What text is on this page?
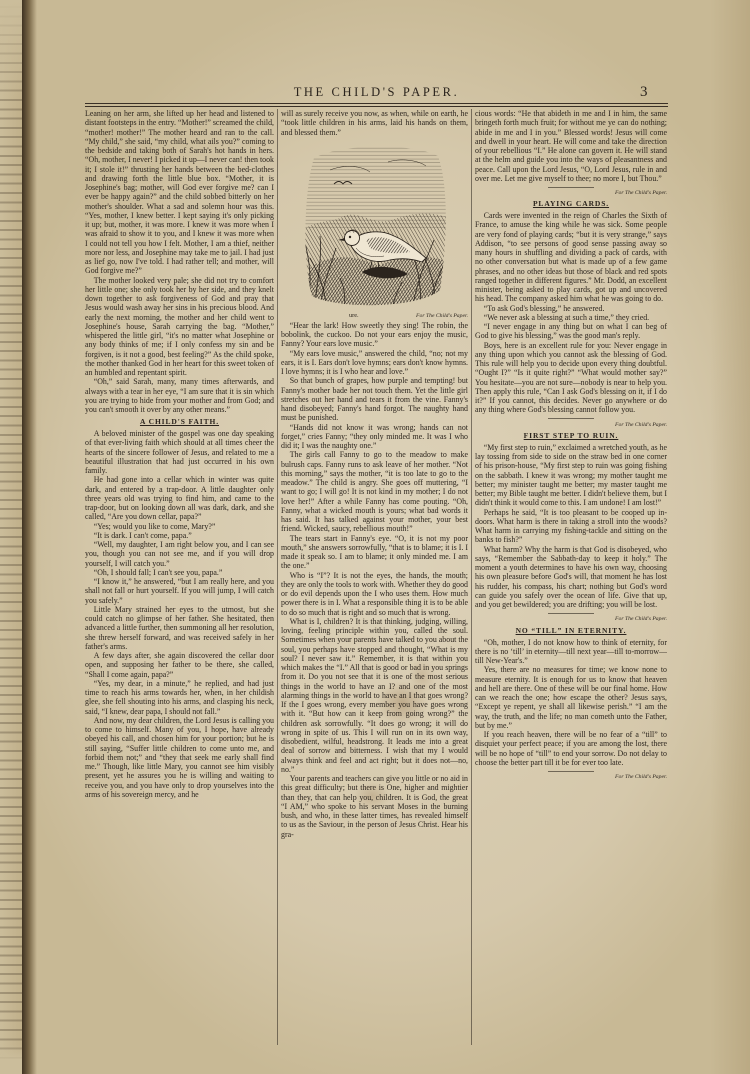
THE CHILD'S PAPER.	3

Leaning on her arm, she lifted up her head and listened to distant footsteps in the entry. “Mother!” screamed the child, “mother! mother!” The mother heard and ran to the call. “My child,” she said, “my child, what ails you?” coming to the bedside and taking both of Sarah's hot hands in hers. “Oh, mother, I never! I picked it up—I never can! then took it; I stole it!” thrusting her hands between the bed-clothes and drawing forth the little blue box. “Mother, it is Josephine's bag; mother, will God ever forgive me? can I ever be happy again?” and the child sobbed bitterly on her mother's shoulder. What a sad and solemn hour was this. “Yes, mother, I knew better. I kept saying it's only picking it up; but, mother, it was more. I knew it was more when I was afraid to show it to you, and I knew it was more when I could not tell you how I felt. Mother, I am a thief, neither more nor less, and Josephine may take me to jail. I had just as lief go, now I've told. I had rather tell; and mother, will God forgive me?”

The mother looked very pale; she did not try to comfort her little one; she only took her by her side, and they knelt down together to ask forgiveness of God and pray that Jesus would wash away her sins in his precious blood. And early the next morning, the mother and her child went to Josephine's house, Sarah carrying the bag. “Mother,” whispered the little girl, “it's no matter what Josephine or any body thinks of me; if I only confess my sin and be forgiven, is it not a good, best feeling?” As the child spoke, the mother thanked God in her heart for this sweet token of an humbled and repentant spirit.

“Oh,” said Sarah, many, many times afterwards, and always with a tear in her eye, “I am sure that it is sin which you are trying to hide from your mother and from God; and you can't smooth it over by any other means.”

A CHILD'S FAITH.

A beloved minister of the gospel was one day speaking of that ever-living faith which should at all times cheer the hearts of the sincere follower of Jesus, and related to me a beautiful illustration that had just occurred in his own family.

He had gone into a cellar which in winter was quite dark, and entered by a trap-door. A little daughter only three years old was trying to find him, and came to the trap-door, but on looking down all was dark, dark, and she called, “Are you down cellar, papa?”

“Yes; would you like to come, Mary?”

“It is dark. I can't come, papa.”

“Well, my daughter, I am right below you, and I can see you, though you can not see me, and if you will drop yourself, I will catch you.”

“Oh, I should fall; I can't see you, papa.”

“I know it,” he answered, “but I am really here, and you shall not fall or hurt yourself. If you will jump, I will catch you safely.”

Little Mary strained her eyes to the utmost, but she could catch no glimpse of her father. She hesitated, then advanced a little further, then summoning all her resolution, she threw herself forward, and was received safely in her father's arms.

A few days after, she again discovered the cellar door open, and supposing her father to be there, she called, “Shall I come again, papa?”

“Yes, my dear, in a minute,” he replied, and had just time to reach his arms towards her, when, in her childish glee, she fell shouting into his arms, and clasping his neck, said, “I knew, dear papa, I should not fall.”

And now, my dear children, the Lord Jesus is calling you to come to himself. Many of you, I hope, have already obeyed his call, and chosen him for your portion; but he is still saying, “Suffer little children to come unto me, and forbid them not;” and “they that seek me early shall find me.” Though, like little Mary, you cannot see him visibly present, yet he assures you he is willing and waiting to receive you, and you have only to drop yourselves into the arms of his sovereign mercy, and he

will as surely receive you now, as when, while on earth, he “took little children in his arms, laid his hands on them, and blessed them.”

ure.	For The Child's Paper.

“Hear the lark! How sweetly they sing! The robin, the bobolink, the cuckoo. Do not your ears enjoy the music, Fanny? Your ears love music.”

“My ears love music,” answered the child, “no; not my ears, it is I. Ears don't love hymns; ears don't know hymns. I love hymns; it is I who hear and love.”

So that bunch of grapes, how purple and tempting! but Fanny's mother bade her not touch them. Yet the little girl stretches out her hand and tears it from the vine. Fanny's hand disobeyed; Fanny's hand forgot. The naughty hand must be punished.

“Hands did not know it was wrong; hands can not forget,” cries Fanny; “they only minded me. It was I who did it; I was the naughty one.”

The girls call Fanny to go to the meadow to make bulrush caps. Fanny runs to ask leave of her mother. “Not this morning,” says the mother, “it is too late to go to the meadow.” The child is angry. She goes off muttering, “I want to go; I will go! It is not kind in my mother; I do not love her!” After a while Fanny has come pouting. “Oh, Fanny, what a wicked mouth is yours; what bad words it has said. It has talked against your mother, your best friend. Wicked, saucy, rebellious mouth!”

The tears start in Fanny's eye. “O, it is not my poor mouth,” she answers sorrowfully, “that is to blame; it is I. I made it speak so. I am to blame; it only minded me. I am the one.”

Who is “I”? It is not the eyes, the hands, the mouth; they are only the tools to work with. Whether they do good or do evil depends upon the I who uses them. How much power there is in I. What a responsible thing it is to be able to do so much that is right and so much that is wrong.

What is I, children? It is that thinking, judging, willing, loving, feeling principle within you, called the soul. Sometimes when your parents have talked to you about the soul, you perhaps have stopped and thought, “What is my soul? I never saw it.” Remember, it is that within you which makes the “I.” All that is good or bad in you springs from it. Do you not see that it is one of the most serious things in the world to have an I? and one of the most alarming things in the world to have an I that goes wrong? If the I goes wrong, every member you have goes wrong with it. “But how can it keep from going wrong?” the children ask sorrowfully. “It does go wrong; it will do wrong in spite of us. This I will run on in its own way, disobedient, wilful, headstrong. It leads me into a great deal of sorrow and bitterness. I wish that my I would always think and feel and act right; but it does not—no, no.”

Your parents and teachers can give you little or no aid in this great difficulty; but there is One, higher and mightier than they, that can help you, children. It is God, the great “I AM,” who spoke to his servant Moses in the burning bush, and who, in these latter times, has revealed himself to us as the Saviour, in the person of Jesus Christ. Hear his gra-

cious words: “He that abideth in me and I in him, the same bringeth forth much fruit; for without me ye can do nothing; abide in me and I in you.” Blessed words! Jesus will come and dwell in your heart. He will come and take the direction of your rebellious “I.” He alone can govern it. He will stand at the helm and guide you into the ways of pleasantness and peace. Call upon the Lord Jesus, “O, Lord Jesus, rule in and over me. Let me give myself to thee; no more I, but Thou.”

For The Child's Paper.
PLAYING CARDS.

Cards were invented in the reign of Charles the Sixth of France, to amuse the king while he was sick. Some people are very fond of playing cards; “but it is very strange,” says Addison, “to see persons of good sense passing away so many hours in shuffling and dividing a pack of cards, with no other conversation but what is made up of a few game phrases, and no other ideas but those of black and red spots ranged together in different figures.” Mr. Dodd, an excellent minister, being asked to play cards, got up and uncovered his head. The company asked him what he was going to do.

“To ask God's blessing,” he answered.

“We never ask a blessing at such a time,” they cried.

“I never engage in any thing but on what I can beg of God to give his blessing,” was the good man's reply.

Boys, here is an excellent rule for you: Never engage in any thing upon which you cannot ask the blessing of God. This rule will help you to decide upon every thing doubtful. “Ought I?” “Is it quite right?” “What would mother say?” You hesitate—you are not sure—nobody is near to help you. Then apply this rule, “Can I ask God's blessing on it, if I do it?” If you cannot, this decides. Never go anywhere or do any thing where God's blessing cannot follow you.

For The Child's Paper.
FIRST STEP TO RUIN.

“My first step to ruin,” exclaimed a wretched youth, as he lay tossing from side to side on the straw bed in one corner of his prison-house, “My first step to ruin was going fishing on the sabbath. I knew it was wrong; my mother taught me better; my minister taught me better; my master taught me better; my Bible taught me better. I didn't believe them, but I didn't think it would come to this. I am undone! I am lost!”

Perhaps he said, “It is too pleasant to be cooped up in-doors. What harm is there in taking a stroll into the woods? What harm in carrying my fishing-tackle and sitting on the banks to fish?”

What harm? Why the harm is that God is disobeyed, who says, “Remember the Sabbath-day to keep it holy.” The moment a youth determines to have his own way, choosing his own pleasure before God's will, that moment he has lost his rudder, his compass, his chart; nothing but God's word can guide you safely over the ocean of life. Give that up, and you get bewildered; you are drifting; you will be lost.

For The Child's Paper.
NO “TILL” IN ETERNITY.

“Oh, mother, I do not know how to think of eternity, for there is no ‘till’ in eternity—till next year—till to-morrow—till New-Year's.”

Yes, there are no measures for time; we know none to measure eternity. It is enough for us to know that heaven and hell are there. One of these will be our final home. How can we reach the one; how escape the other? Jesus says, “Except ye repent, ye shall all likewise perish.” “I am the way, the truth, and the life; no man cometh unto the Father, but by me.”

If you reach heaven, there will be no fear of a “till” to disquiet your perfect peace; if you are among the lost, there will be no hope of “till” to end your sorrow. Do not delay to choose the better part till it be for ever too late.

For The Child's Paper.
